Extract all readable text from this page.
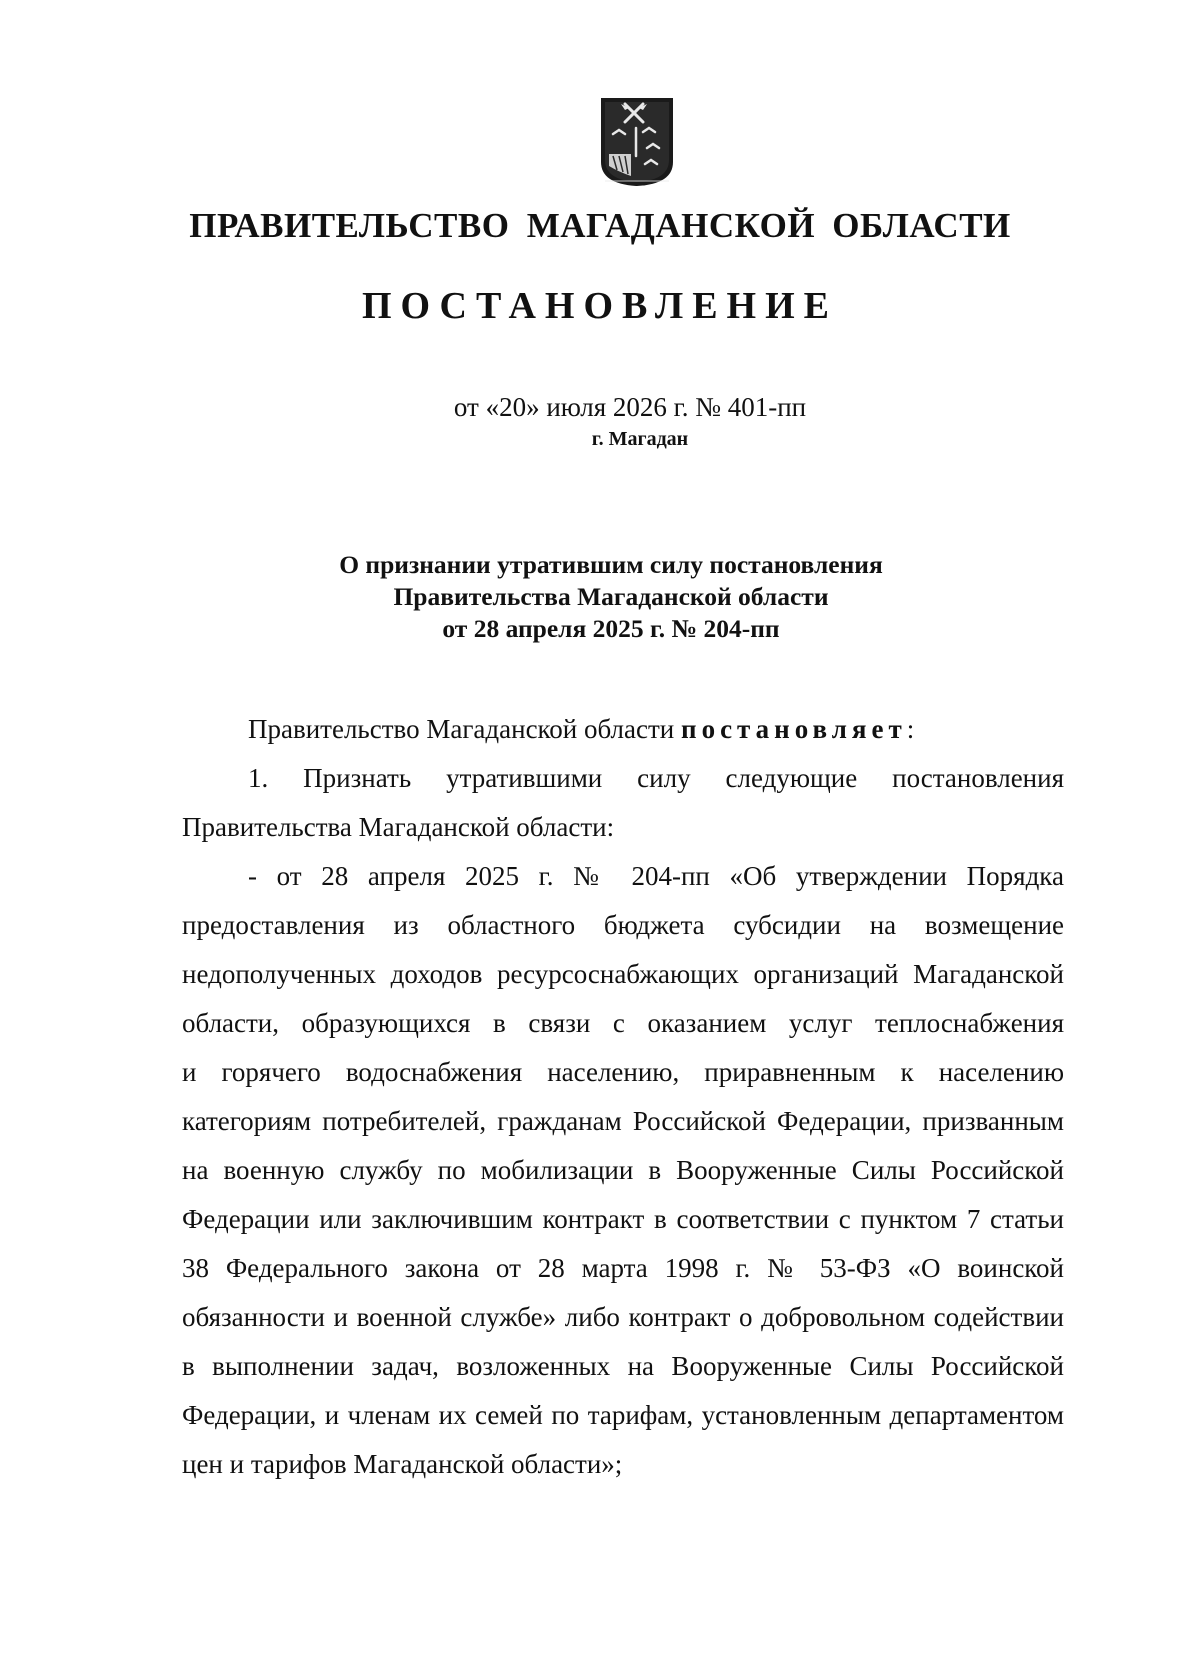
ПРАВИТЕЛЬСТВО МАГАДАНСКОЙ ОБЛАСТИ
ПОСТАНОВЛЕНИЕ
от «20» июля 2026 г. № 401-пп
г. Магадан
О признании утратившим силу постановления
Правительства Магаданской области
от 28 апреля 2025 г. № 204-пп
Правительство Магаданской области постановляет:
1. Признать утратившими силу следующие постановления
Правительства Магаданской области:
- от 28 апреля 2025 г. № 204-пп «Об утверждении Порядка
предоставления из областного бюджета субсидии на возмещение
недополученных доходов ресурсоснабжающих организаций Магаданской
области, образующихся в связи с оказанием услуг теплоснабжения
и горячего водоснабжения населению, приравненным к населению
категориям потребителей, гражданам Российской Федерации, призванным
на военную службу по мобилизации в Вооруженные Силы Российской
Федерации или заключившим контракт в соответствии с пунктом 7 статьи
38 Федерального закона от 28 марта 1998 г. № 53-ФЗ «О воинской
обязанности и военной службе» либо контракт о добровольном содействии
в выполнении задач, возложенных на Вооруженные Силы Российской
Федерации, и членам их семей по тарифам, установленным департаментом
цен и тарифов Магаданской области»;
